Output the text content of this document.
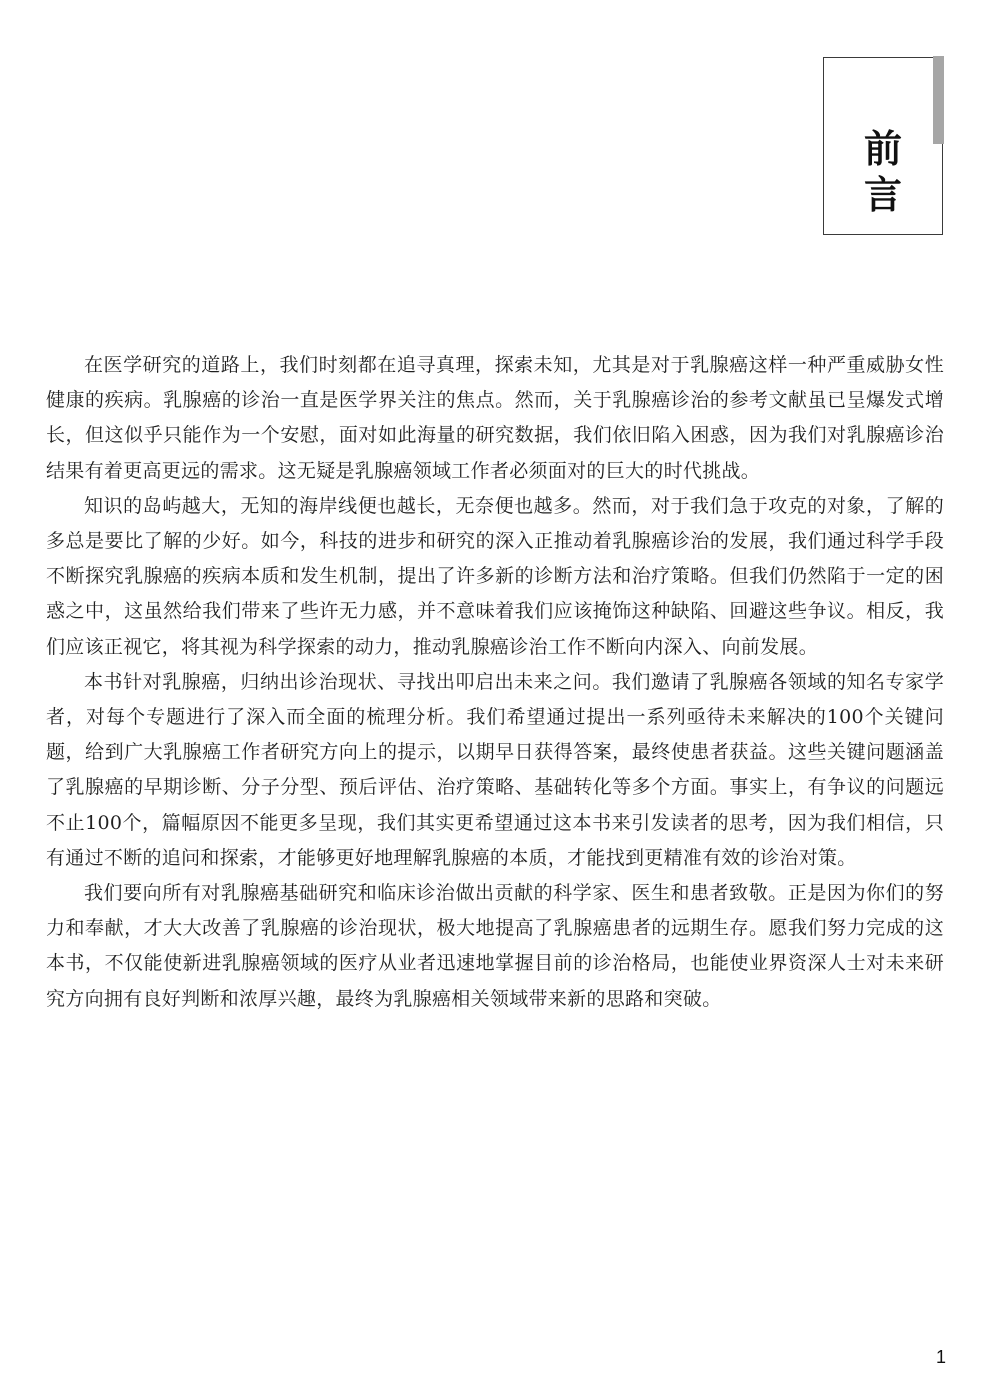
前
言

在医学研究的道路上，我们时刻都在追寻真理，探索未知，尤其是对于乳腺癌这样一种严重威胁女性健康的疾病。乳腺癌的诊治一直是医学界关注的焦点。然而，关于乳腺癌诊治的参考文献虽已呈爆发式增长，但这似乎只能作为一个安慰，面对如此海量的研究数据，我们依旧陷入困惑，因为我们对乳腺癌诊治结果有着更高更远的需求。这无疑是乳腺癌领域工作者必须面对的巨大的时代挑战。

知识的岛屿越大，无知的海岸线便也越长，无奈便也越多。然而，对于我们急于攻克的对象，了解的多总是要比了解的少好。如今，科技的进步和研究的深入正推动着乳腺癌诊治的发展，我们通过科学手段不断探究乳腺癌的疾病本质和发生机制，提出了许多新的诊断方法和治疗策略。但我们仍然陷于一定的困惑之中，这虽然给我们带来了些许无力感，并不意味着我们应该掩饰这种缺陷、回避这些争议。相反，我们应该正视它，将其视为科学探索的动力，推动乳腺癌诊治工作不断向内深入、向前发展。

本书针对乳腺癌，归纳出诊治现状、寻找出叩启出未来之问。我们邀请了乳腺癌各领域的知名专家学者，对每个专题进行了深入而全面的梳理分析。我们希望通过提出一系列亟待未来解决的100个关键问题，给到广大乳腺癌工作者研究方向上的提示，以期早日获得答案，最终使患者获益。这些关键问题涵盖了乳腺癌的早期诊断、分子分型、预后评估、治疗策略、基础转化等多个方面。事实上，有争议的问题远不止100个，篇幅原因不能更多呈现，我们其实更希望通过这本书来引发读者的思考，因为我们相信，只有通过不断的追问和探索，才能够更好地理解乳腺癌的本质，才能找到更精准有效的诊治对策。

我们要向所有对乳腺癌基础研究和临床诊治做出贡献的科学家、医生和患者致敬。正是因为你们的努力和奉献，才大大改善了乳腺癌的诊治现状，极大地提高了乳腺癌患者的远期生存。愿我们努力完成的这本书，不仅能使新进乳腺癌领域的医疗从业者迅速地掌握目前的诊治格局，也能使业界资深人士对未来研究方向拥有良好判断和浓厚兴趣，最终为乳腺癌相关领域带来新的思路和突破。

1
